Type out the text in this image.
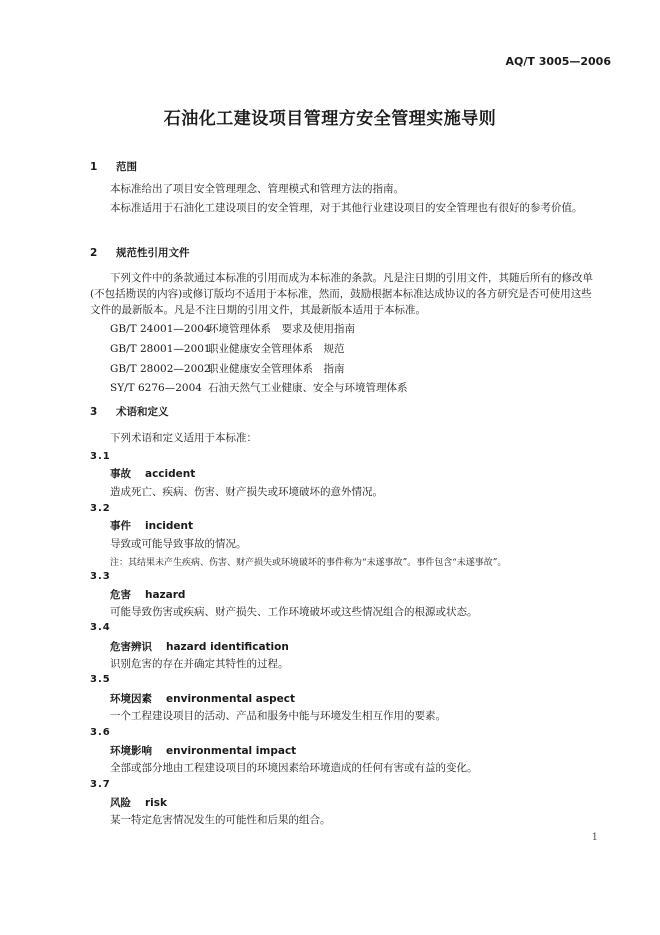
AQ/T 3005—2006
石油化工建设项目管理方安全管理实施导则
1 范围
本标准给出了项目安全管理理念、管理模式和管理方法的指南。
本标准适用于石油化工建设项目的安全管理，对于其他行业建设项目的安全管理也有很好的参考价值。
2 规范性引用文件
下列文件中的条款通过本标准的引用而成为本标准的条款。凡是注日期的引用文件，其随后所有的修改单(不包括勘误的内容)或修订版均不适用于本标准，然而，鼓励根据本标准达成协议的各方研究是否可使用这些文件的最新版本。凡是不注日期的引用文件，其最新版本适用于本标准。
GB/T 24001—2004环境管理体系　要求及使用指南
GB/T 28001—2001职业健康安全管理体系　规范
GB/T 28002—2002职业健康安全管理体系　指南
SY/T 6276—2004 石油天然气工业健康、安全与环境管理体系
3 术语和定义
下列术语和定义适用于本标准：
3.1
事故 accident
造成死亡、疾病、伤害、财产损失或环境破坏的意外情况。
3.2
事件 incident
导致或可能导致事故的情况。
注：其结果未产生疾病、伤害、财产损失或环境破坏的事件称为“未遂事故”。事件包含“未遂事故”。
3.3
危害 hazard
可能导致伤害或疾病、财产损失、工作环境破坏或这些情况组合的根源或状态。
3.4
危害辨识 hazard identification
识别危害的存在并确定其特性的过程。
3.5
环境因素 environmental aspect
一个工程建设项目的活动、产品和服务中能与环境发生相互作用的要素。
3.6
环境影响 environmental impact
全部或部分地由工程建设项目的环境因素给环境造成的任何有害或有益的变化。
3.7
风险 risk
某一特定危害情况发生的可能性和后果的组合。
1
